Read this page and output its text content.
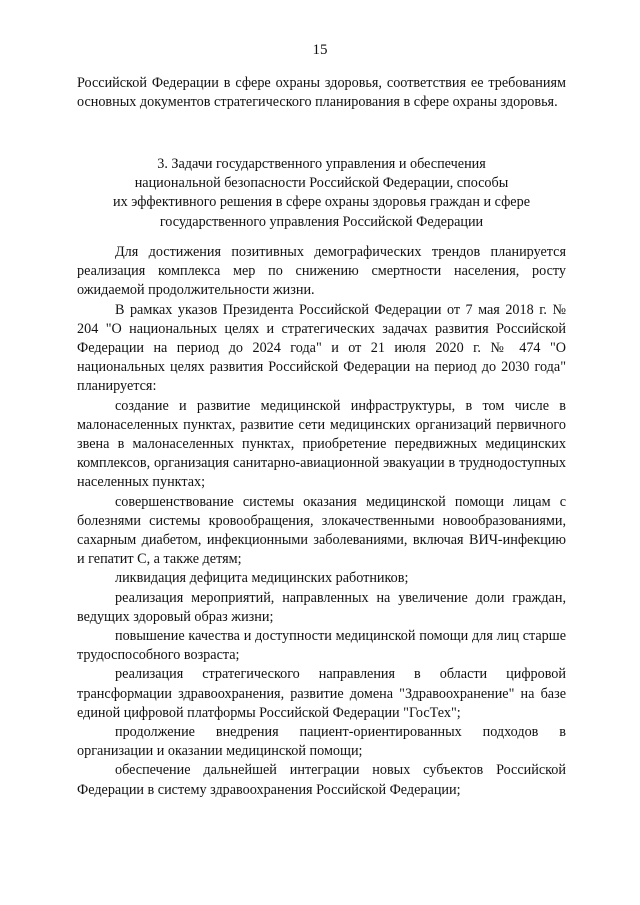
15

Российской Федерации в сфере охраны здоровья, соответствия ее требованиям основных документов стратегического планирования в сфере охраны здоровья.

3. Задачи государственного управления и обеспечения
национальной безопасности Российской Федерации, способы
их эффективного решения в сфере охраны здоровья граждан и сфере
государственного управления Российской Федерации

Для достижения позитивных демографических трендов планируется реализация комплекса мер по снижению смертности населения, росту ожидаемой продолжительности жизни.

В рамках указов Президента Российской Федерации от 7 мая 2018 г. № 204 "О национальных целях и стратегических задачах развития Российской Федерации на период до 2024 года" и от 21 июля 2020 г. № 474 "О национальных целях развития Российской Федерации на период до 2030 года" планируется:

создание и развитие медицинской инфраструктуры, в том числе в малонаселенных пунктах, развитие сети медицинских организаций первичного звена в малонаселенных пунктах, приобретение передвижных медицинских комплексов, организация санитарно-авиационной эвакуации в труднодоступных населенных пунктах;

совершенствование системы оказания медицинской помощи лицам с болезнями системы кровообращения, злокачественными новообразованиями, сахарным диабетом, инфекционными заболеваниями, включая ВИЧ-инфекцию и гепатит С, а также детям;

ликвидация дефицита медицинских работников;

реализация мероприятий, направленных на увеличение доли граждан, ведущих здоровый образ жизни;

повышение качества и доступности медицинской помощи для лиц старше трудоспособного возраста;

реализация стратегического направления в области цифровой трансформации здравоохранения, развитие домена "Здравоохранение" на базе единой цифровой платформы Российской Федерации "ГосТех";

продолжение внедрения пациент-ориентированных подходов в организации и оказании медицинской помощи;

обеспечение дальнейшей интеграции новых субъектов Российской Федерации в систему здравоохранения Российской Федерации;
